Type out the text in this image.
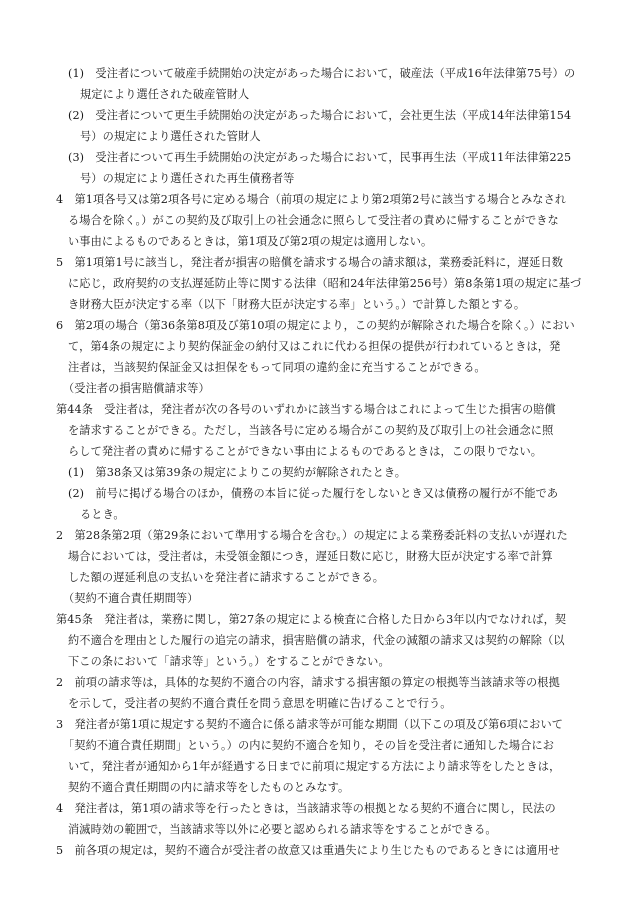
(1)　受注者について破産手続開始の決定があった場合において，破産法（平成16年法律第75号）の
規定により選任された破産管財人
(2)　受注者について更生手続開始の決定があった場合において，会社更生法（平成14年法律第154
号）の規定により選任された管財人
(3)　受注者について再生手続開始の決定があった場合において，民事再生法（平成11年法律第225
号）の規定により選任された再生債務者等
4　第1項各号又は第2項各号に定める場合（前項の規定により第2項第2号に該当する場合とみなされ
る場合を除く。）がこの契約及び取引上の社会通念に照らして受注者の責めに帰することができな
い事由によるものであるときは，第1項及び第2項の規定は適用しない。
5　第1項第1号に該当し，発注者が損害の賠償を請求する場合の請求額は，業務委託料に，遅延日数
に応じ，政府契約の支払遅延防止等に関する法律（昭和24年法律第256号）第8条第1項の規定に基づ
き財務大臣が決定する率（以下「財務大臣が決定する率」という。）で計算した額とする。
6　第2項の場合（第36条第8項及び第10項の規定により，この契約が解除された場合を除く。）におい
て，第4条の規定により契約保証金の納付又はこれに代わる担保の提供が行われているときは，発
注者は，当該契約保証金又は担保をもって同項の違約金に充当することができる。
（受注者の損害賠償請求等）
第44条　受注者は，発注者が次の各号のいずれかに該当する場合はこれによって生じた損害の賠償
を請求することができる。ただし，当該各号に定める場合がこの契約及び取引上の社会通念に照
らして発注者の責めに帰することができない事由によるものであるときは，この限りでない。
(1)　第38条又は第39条の規定によりこの契約が解除されたとき。
(2)　前号に掲げる場合のほか，債務の本旨に従った履行をしないとき又は債務の履行が不能であ
るとき。
2　第28条第2項（第29条において準用する場合を含む。）の規定による業務委託料の支払いが遅れた
場合においては，受注者は，未受領金額につき，遅延日数に応じ，財務大臣が決定する率で計算
した額の遅延利息の支払いを発注者に請求することができる。
（契約不適合責任期間等）
第45条　発注者は，業務に関し，第27条の規定による検査に合格した日から3年以内でなければ，契
約不適合を理由とした履行の追完の請求，損害賠償の請求，代金の減額の請求又は契約の解除（以
下この条において「請求等」という。）をすることができない。
2　前項の請求等は，具体的な契約不適合の内容，請求する損害額の算定の根拠等当該請求等の根拠
を示して，受注者の契約不適合責任を問う意思を明確に告げることで行う。
3　発注者が第1項に規定する契約不適合に係る請求等が可能な期間（以下この項及び第6項において
「契約不適合責任期間」という。）の内に契約不適合を知り，その旨を受注者に通知した場合にお
いて，発注者が通知から1年が経過する日までに前項に規定する方法により請求等をしたときは，
契約不適合責任期間の内に請求等をしたものとみなす。
4　発注者は，第1項の請求等を行ったときは，当該請求等の根拠となる契約不適合に関し，民法の
消滅時効の範囲で，当該請求等以外に必要と認められる請求等をすることができる。
5　前各項の規定は，契約不適合が受注者の故意又は重過失により生じたものであるときには適用せ
